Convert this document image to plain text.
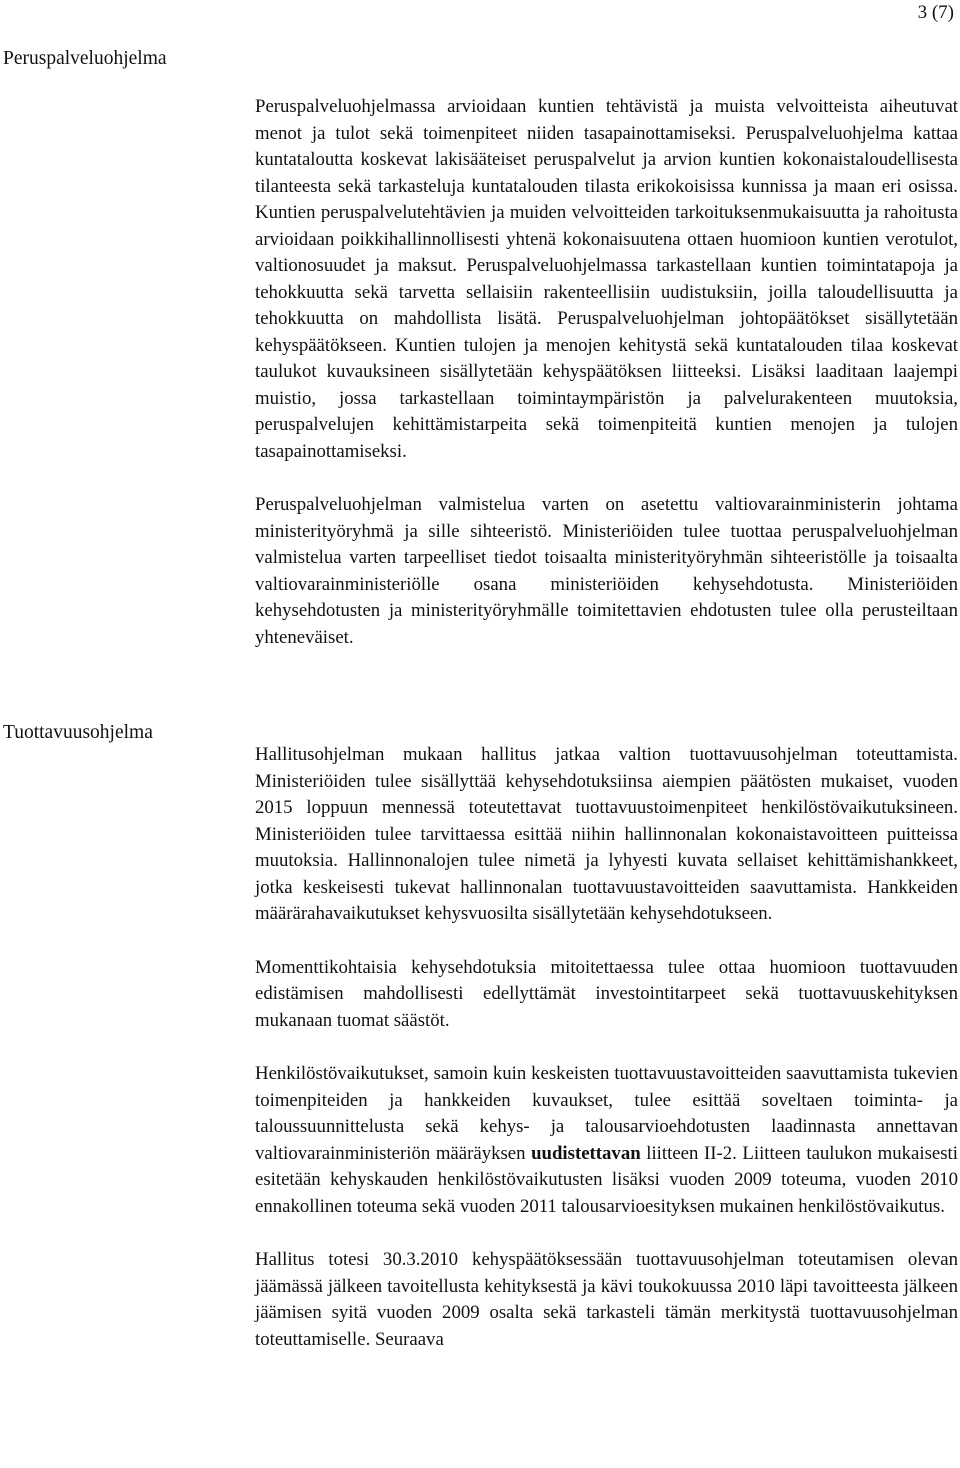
3 (7)
Peruspalveluohjelma

Peruspalveluohjelmassa arvioidaan kuntien tehtävistä ja muista velvoitteista aiheutuvat menot ja tulot sekä toimenpiteet niiden tasapainottamiseksi. Peruspalveluohjelma kattaa kuntataloutta koskevat lakisääteiset peruspalvelut ja arvion kuntien kokonaistaloudellisesta tilanteesta sekä tarkasteluja kuntatalouden tilasta erikokoisissa kunnissa ja maan eri osissa. Kuntien peruspalvelutehtävien ja muiden velvoitteiden tarkoituksenmukaisuutta ja rahoitusta arvioidaan poikkihallinnollisesti yhtenä kokonaisuutena ottaen huomioon kuntien verotulot, valtionosuudet ja maksut. Peruspalveluohjelmassa tarkastellaan kuntien toimintatapoja ja tehokkuutta sekä tarvetta sellaisiin rakenteellisiin uudistuksiin, joilla taloudellisuutta ja tehokkuutta on mahdollista lisätä. Peruspalveluohjelman johtopäätökset sisällytetään kehyspäätökseen. Kuntien tulojen ja menojen kehitystä sekä kuntatalouden tilaa koskevat taulukot kuvauksineen sisällytetään kehyspäätöksen liitteeksi. Lisäksi laaditaan laajempi muistio, jossa tarkastellaan toimintaympäristön ja palvelurakenteen muutoksia, peruspalvelujen kehittämistarpeita sekä toimenpiteitä kuntien menojen ja tulojen tasapainottamiseksi.

Peruspalveluohjelman valmistelua varten on asetettu valtiovarainministerin johtama ministerityöryhmä ja sille sihteeristö. Ministeriöiden tulee tuottaa peruspalveluohjelman valmistelua varten tarpeelliset tiedot toisaalta ministerityöryhmän sihteeristölle ja toisaalta valtiovarainministeriölle osana ministeriöiden kehysehdotusta. Ministeriöiden kehysehdotusten ja ministerityöryhmälle toimitettavien ehdotusten tulee olla perusteiltaan yhteneväiset.

Tuottavuusohjelma

Hallitusohjelman mukaan hallitus jatkaa valtion tuottavuusohjelman toteuttamista. Ministeriöiden tulee sisällyttää kehysehdotuksiinsa aiempien päätösten mukaiset, vuoden 2015 loppuun mennessä toteutettavat tuottavuustoimenpiteet henkilöstövaikutuksineen. Ministeriöiden tulee tarvittaessa esittää niihin hallinnonalan kokonaistavoitteen puitteissa muutoksia. Hallinnonalojen tulee nimetä ja lyhyesti kuvata sellaiset kehittämishankkeet, jotka keskeisesti tukevat hallinnonalan tuottavuustavoitteiden saavuttamista. Hankkeiden määrärahavaikutukset kehysvuosilta sisällytetään kehysehdotukseen.

Momenttikohtaisia kehysehdotuksia mitoitettaessa tulee ottaa huomioon tuottavuuden edistämisen mahdollisesti edellyttämät investointitarpeet sekä tuottavuuskehityksen mukanaan tuomat säästöt.

Henkilöstövaikutukset, samoin kuin keskeisten tuottavuustavoitteiden saavuttamista tukevien toimenpiteiden ja hankkeiden kuvaukset, tulee esittää soveltaen toiminta- ja taloussuunnittelusta sekä kehys- ja talousarvioehdotusten laadinnasta annettavan valtiovarainministeriön määräyksen uudistettavan liitteen II-2. Liitteen taulukon mukaisesti esitetään kehyskauden henkilöstövaikutusten lisäksi vuoden 2009 toteuma, vuoden 2010 ennakollinen toteuma sekä vuoden 2011 talousarvioesityksen mukainen henkilöstövaikutus.

Hallitus totesi 30.3.2010 kehyspäätöksessään tuottavuusohjelman toteutamisen olevan jäämässä jälkeen tavoitellusta kehityksestä ja kävi toukokuussa 2010 läpi tavoitteesta jälkeen jäämisen syitä vuoden 2009 osalta sekä tarkasteli tämän merkitystä tuottavuusohjelman toteuttamiselle. Seuraava
